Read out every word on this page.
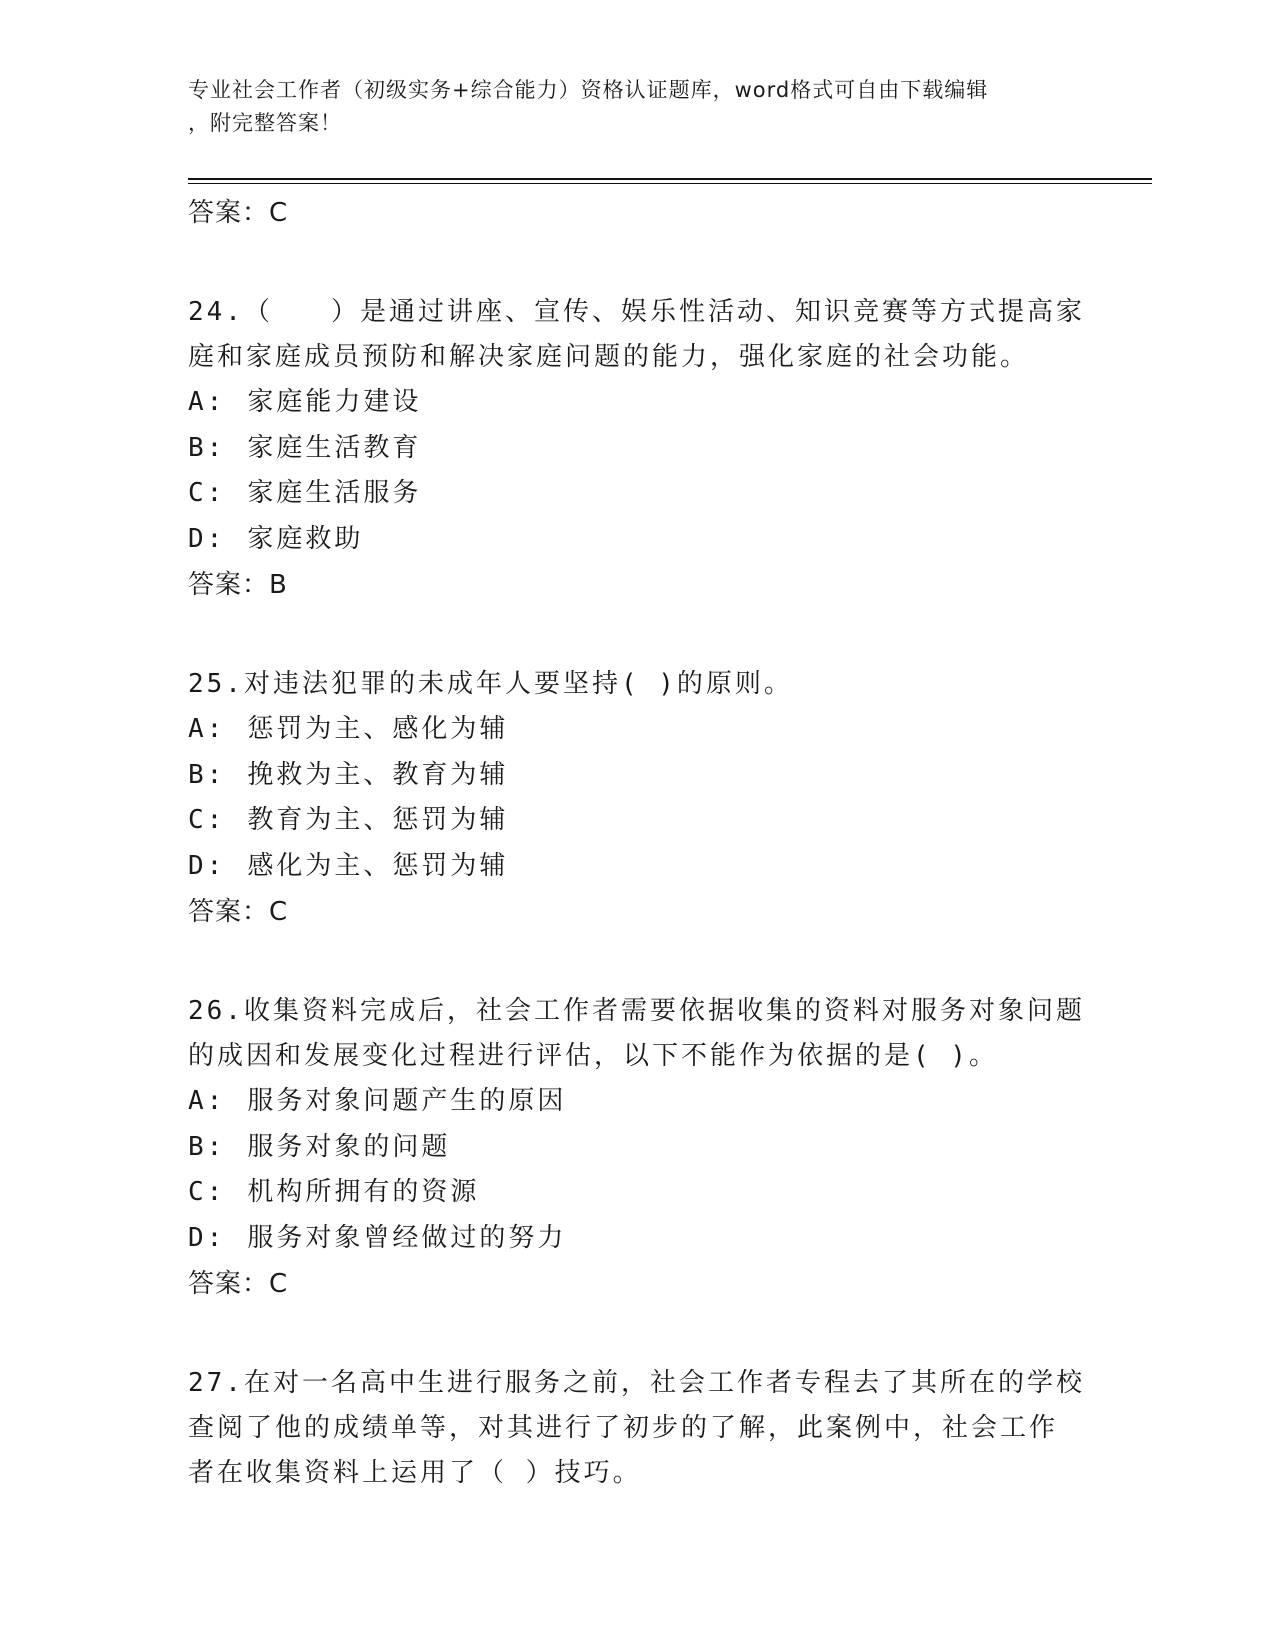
专业社会工作者（初级实务+综合能力）资格认证题库，word格式可自由下载编辑
，附完整答案！
答案：C

24.（　　）是通过讲座、宣传、娱乐性活动、知识竞赛等方式提高家
庭和家庭成员预防和解决家庭问题的能力，强化家庭的社会功能。

A: 家庭能力建设
B: 家庭生活教育
C: 家庭生活服务
D: 家庭救助
答案：B

25.对违法犯罪的未成年人要坚持( )的原则。

A: 惩罚为主、感化为辅
B: 挽救为主、教育为辅
C: 教育为主、惩罚为辅
D: 感化为主、惩罚为辅
答案：C

26.收集资料完成后，社会工作者需要依据收集的资料对服务对象问题
的成因和发展变化过程进行评估，以下不能作为依据的是( )。

A: 服务对象问题产生的原因
B: 服务对象的问题
C: 机构所拥有的资源
D: 服务对象曾经做过的努力
答案：C

27.在对一名高中生进行服务之前，社会工作者专程去了其所在的学校
查阅了他的成绩单等，对其进行了初步的了解，此案例中，社会工作
者在收集资料上运用了（ ）技巧。
